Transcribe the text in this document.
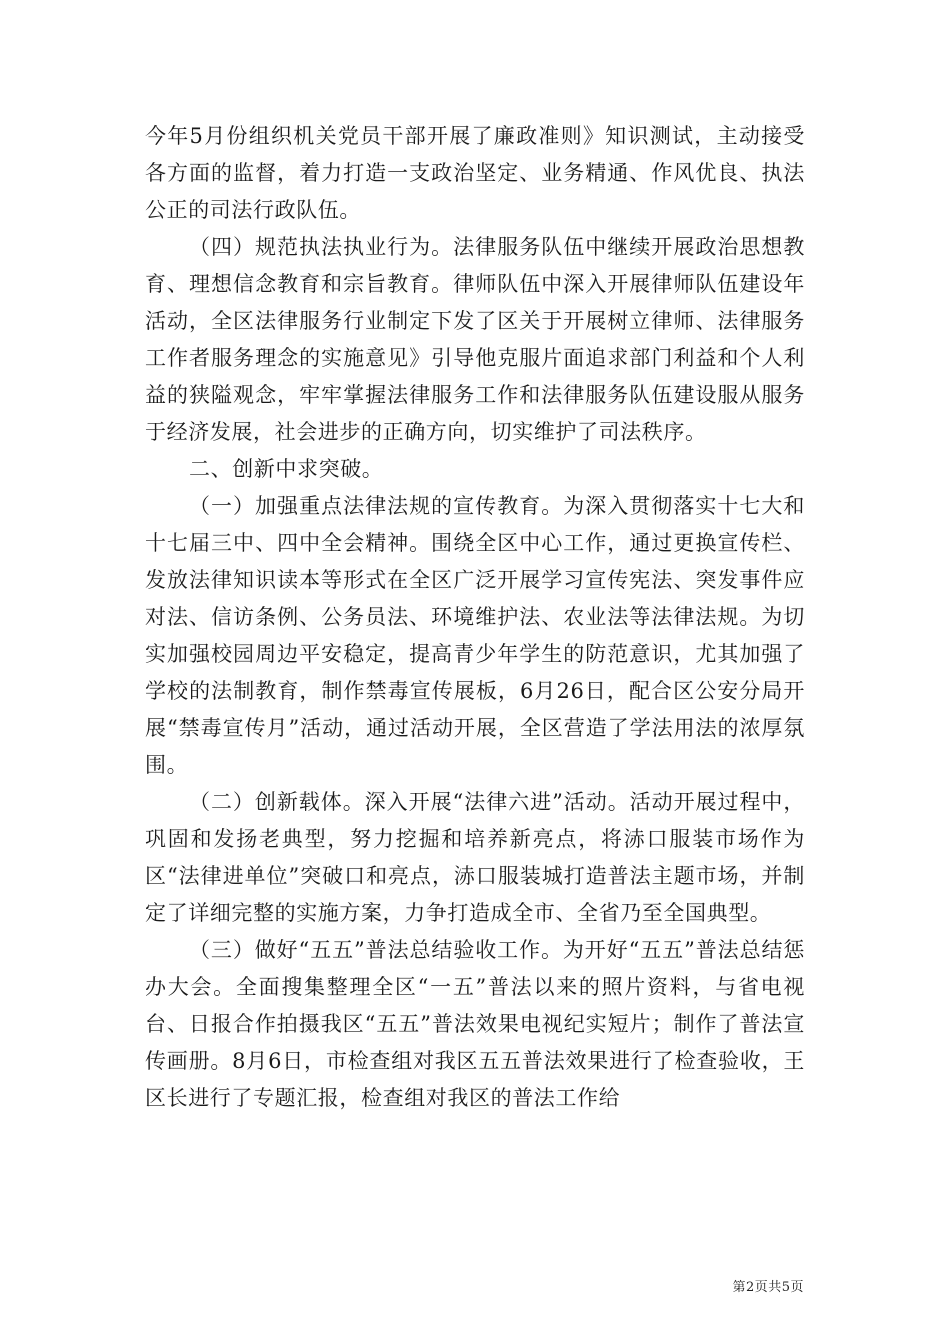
今年5月份组织机关党员干部开展了廉政准则》知识测试，主动接受各方面的监督，着力打造一支政治坚定、业务精通、作风优良、执法公正的司法行政队伍。

（四）规范执法执业行为。法律服务队伍中继续开展政治思想教育、理想信念教育和宗旨教育。律师队伍中深入开展律师队伍建设年活动，全区法律服务行业制定下发了区关于开展树立律师、法律服务工作者服务理念的实施意见》引导他克服片面追求部门利益和个人利益的狭隘观念，牢牢掌握法律服务工作和法律服务队伍建设服从服务于经济发展，社会进步的正确方向，切实维护了司法秩序。

二、创新中求突破。

（一）加强重点法律法规的宣传教育。为深入贯彻落实十七大和十七届三中、四中全会精神。围绕全区中心工作，通过更换宣传栏、发放法律知识读本等形式在全区广泛开展学习宣传宪法、突发事件应对法、信访条例、公务员法、环境维护法、农业法等法律法规。为切实加强校园周边平安稳定，提高青少年学生的防范意识，尤其加强了学校的法制教育，制作禁毒宣传展板，6月26日，配合区公安分局开展“禁毒宣传月”活动，通过活动开展，全区营造了学法用法的浓厚氛围。

（二）创新载体。深入开展“法律六进”活动。活动开展过程中，巩固和发扬老典型，努力挖掘和培养新亮点，将浾口服装市场作为区“法律进单位”突破口和亮点，浾口服装城打造普法主题市场，并制定了详细完整的实施方案，力争打造成全市、全省乃至全国典型。

（三）做好“五五”普法总结验收工作。为开好“五五”普法总结惩办大会。全面搜集整理全区“一五”普法以来的照片资料，与省电视台、日报合作拍摄我区“五五”普法效果电视纪实短片；制作了普法宣传画册。8月6日，市检查组对我区五五普法效果进行了检查验收，王区长进行了专题汇报，检查组对我区的普法工作给

第2页共5页
